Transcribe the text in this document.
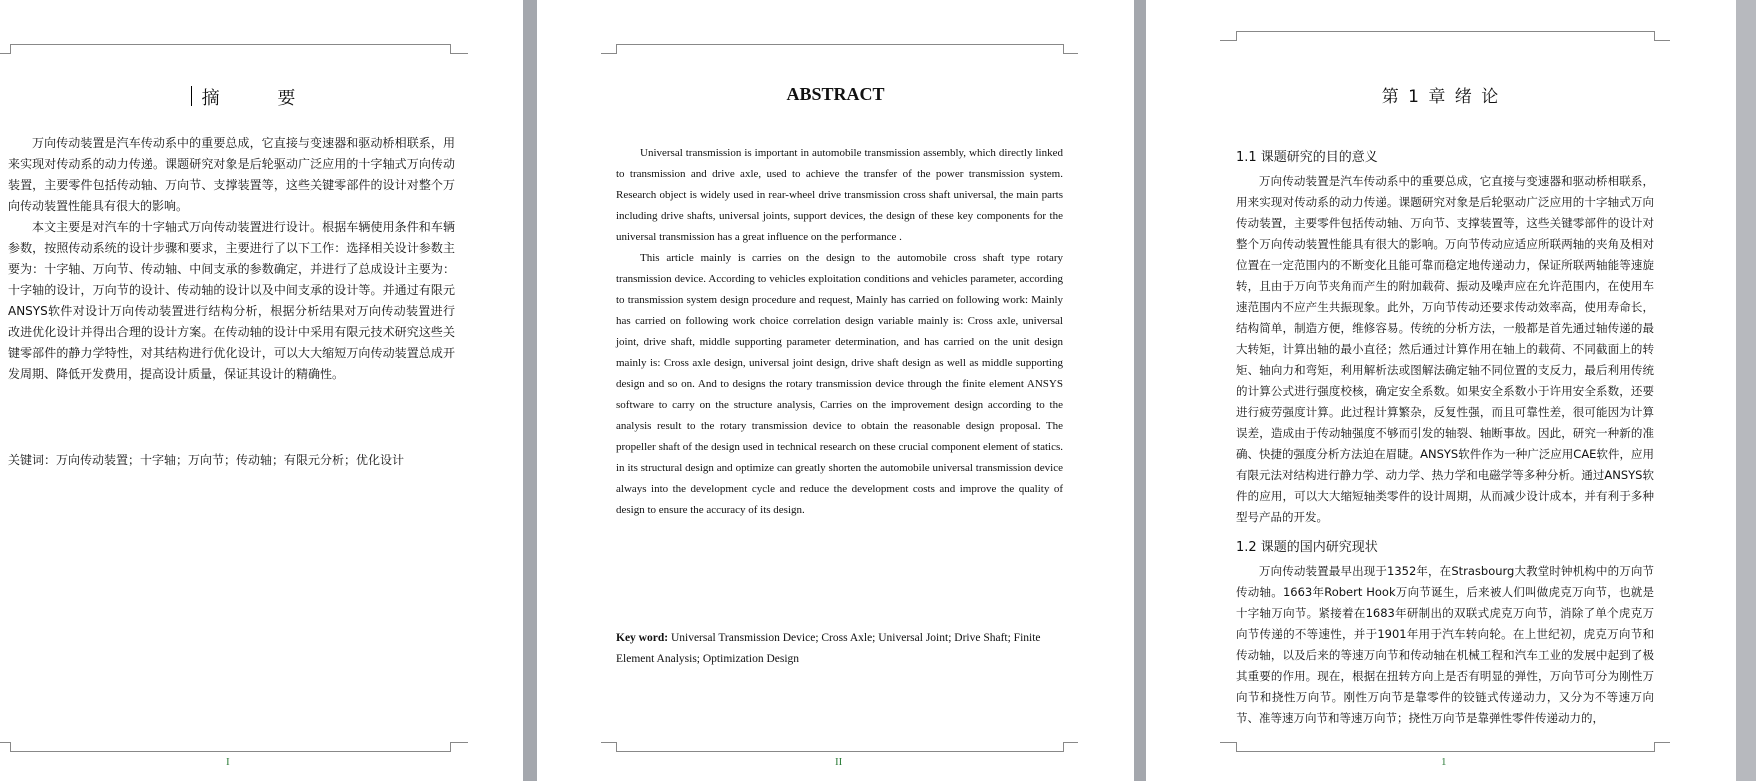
摘 要

万向传动装置是汽车传动系中的重要总成，它直接与变速器和驱动桥相联系，用来实现对传动系的动力传递。课题研究对象是后轮驱动广泛应用的十字轴式万向传动装置，主要零件包括传动轴、万向节、支撑装置等，这些关键零部件的设计对整个万向传动装置性能具有很大的影响。

本文主要是对汽车的十字轴式万向传动装置进行设计。根据车辆使用条件和车辆参数，按照传动系统的设计步骤和要求，主要进行了以下工作：选择相关设计参数主要为：十字轴、万向节、传动轴、中间支承的参数确定，并进行了总成设计主要为：十字轴的设计，万向节的设计、传动轴的设计以及中间支承的设计等。并通过有限元ANSYS软件对设计万向传动装置进行结构分析，根据分析结果对万向传动装置进行改进优化设计并得出合理的设计方案。在传动轴的设计中采用有限元技术研究这些关键零部件的静力学特性，对其结构进行优化设计，可以大大缩短万向传动装置总成开发周期、降低开发费用，提高设计质量，保证其设计的精确性。

关键词：万向传动装置；十字轴；万向节；传动轴；有限元分析；优化设计
I
ABSTRACT

Universal transmission is important in automobile transmission assembly, which directly linked to transmission and drive axle, used to achieve the transfer of the power transmission system. Research object is widely used in rear-wheel drive transmission cross shaft universal, the main parts including drive shafts, universal joints, support devices, the design of these key components for the universal transmission has a great influence on the performance .

This article mainly is carries on the design to the automobile cross shaft type rotary transmission device. According to vehicles exploitation conditions and vehicles parameter, according to transmission system design procedure and request, Mainly has carried on following work: Mainly has carried on following work choice correlation design variable mainly is: Cross axle, universal joint, drive shaft, middle supporting parameter determination, and has carried on the unit design mainly is: Cross axle design, universal joint design, drive shaft design as well as middle supporting design and so on. And to designs the rotary transmission device through the finite element ANSYS software to carry on the structure analysis, Carries on the improvement design according to the analysis result to the rotary transmission device to obtain the reasonable design proposal. The propeller shaft of the design used in technical research on these crucial component element of statics. in its structural design and optimize can greatly shorten the automobile universal transmission device always into the development cycle and reduce the development costs and improve the quality of design to ensure the accuracy of its design.

Key word: Universal Transmission Device; Cross Axle; Universal Joint; Drive Shaft; Finite Element Analysis; Optimization Design
II
第 1 章 绪 论
1.1 课题研究的目的意义

万向传动装置是汽车传动系中的重要总成，它直接与变速器和驱动桥相联系，用来实现对传动系的动力传递。课题研究对象是后轮驱动广泛应用的十字轴式万向传动装置，主要零件包括传动轴、万向节、支撑装置等，这些关键零部件的设计对整个万向传动装置性能具有很大的影响。万向节传动应适应所联两轴的夹角及相对位置在一定范围内的不断变化且能可靠而稳定地传递动力，保证所联两轴能等速旋转，且由于万向节夹角而产生的附加载荷、振动及噪声应在允许范围内，在使用车速范围内不应产生共振现象。此外，万向节传动还要求传动效率高，使用寿命长，结构简单，制造方便，维修容易。传统的分析方法，一般都是首先通过轴传递的最大转矩，计算出轴的最小直径；然后通过计算作用在轴上的载荷、不同截面上的转矩、轴向力和弯矩，利用解析法或图解法确定轴不同位置的支反力，最后利用传统的计算公式进行强度校核，确定安全系数。如果安全系数小于许用安全系数，还要进行疲劳强度计算。此过程计算繁杂，反复性强，而且可靠性差，很可能因为计算误差，造成由于传动轴强度不够而引发的轴裂、轴断事故。因此，研究一种新的准确、快捷的强度分析方法迫在眉睫。ANSYS软件作为一种广泛应用CAE软件，应用有限元法对结构进行静力学、动力学、热力学和电磁学等多种分析。通过ANSYS软件的应用，可以大大缩短轴类零件的设计周期，从而减少设计成本，并有利于多种型号产品的开发。

1.2 课题的国内研究现状

万向传动装置最早出现于1352年，在Strasbourg大教堂时钟机构中的万向节传动轴。1663年Robert Hook万向节诞生，后来被人们叫做虎克万向节，也就是十字轴万向节。紧接着在1683年研制出的双联式虎克万向节，消除了单个虎克万向节传递的不等速性，并于1901年用于汽车转向轮。在上世纪初，虎克万向节和传动轴，以及后来的等速万向节和传动轴在机械工程和汽车工业的发展中起到了极其重要的作用。现在，根据在扭转方向上是否有明显的弹性，万向节可分为刚性万向节和挠性万向节。刚性万向节是靠零件的铰链式传递动力，又分为不等速万向节、准等速万向节和等速万向节；挠性万向节是靠弹性零件传递动力的，

1
